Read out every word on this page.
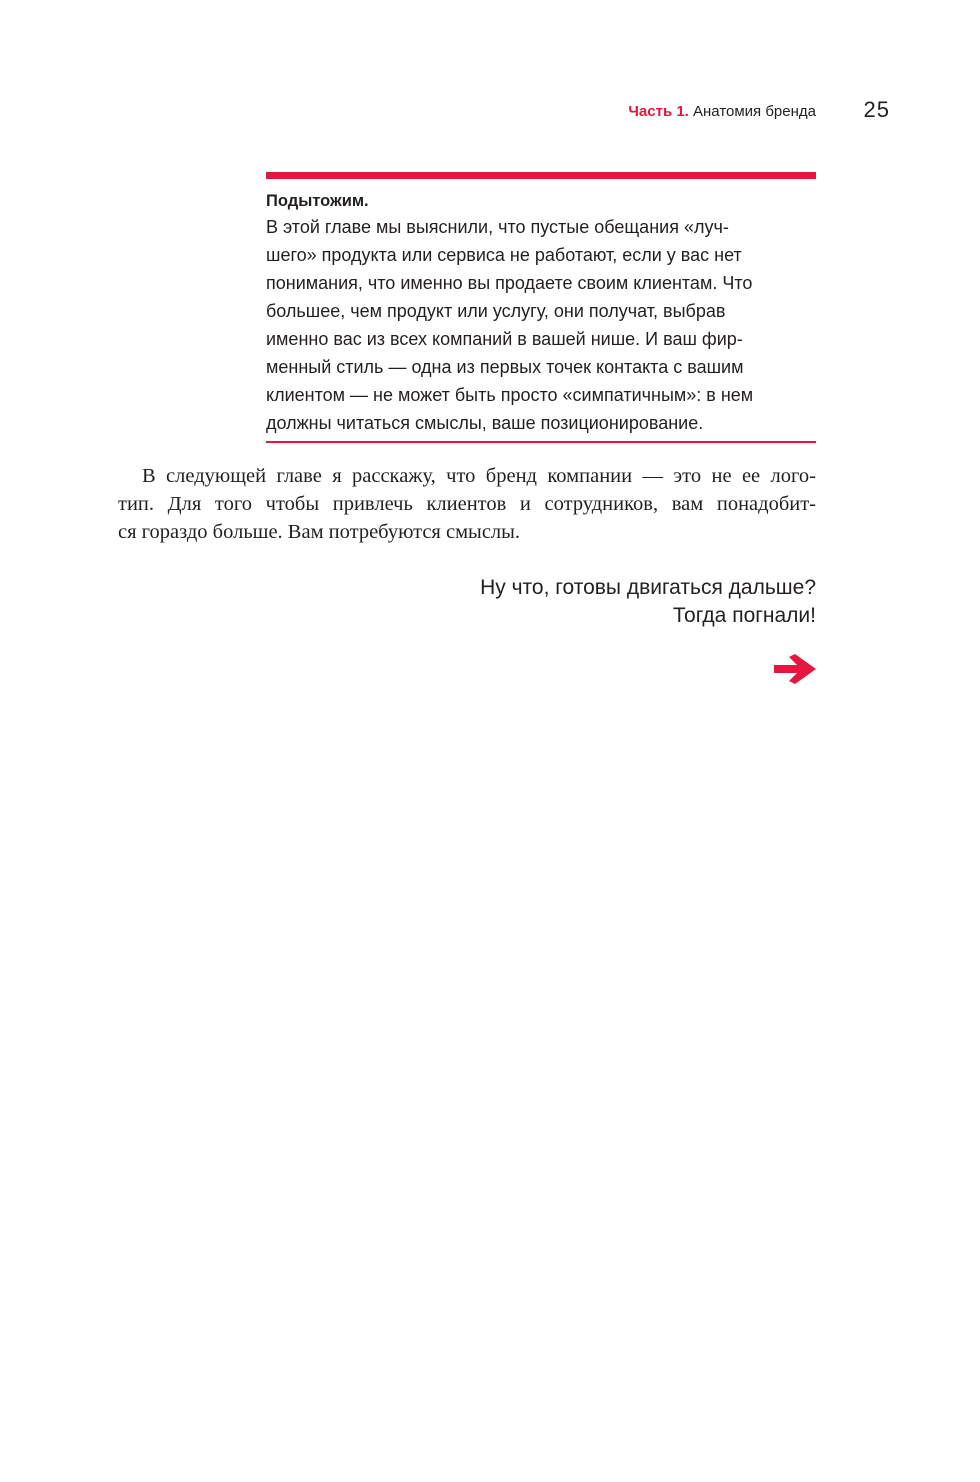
Часть 1. Анатомия бренда	25

Подытожим.

В этой главе мы выяснили, что пустые обещания «луч-

шего» продукта или сервиса не работают, если у вас нет

понимания, что именно вы продаете своим клиентам. Что

большее, чем продукт или услугу, они получат, выбрав

именно вас из всех компаний в вашей нише. И ваш фир-

менный стиль — одна из первых точек контакта с вашим

клиентом — не может быть просто «симпатичным»: в нем

должны читаться смыслы, ваше позиционирование.

В следующей главе я расскажу, что бренд компании — это не ее лого-

тип. Для того чтобы привлечь клиентов и сотрудников, вам понадобит-

ся гораздо больше. Вам потребуются смыслы.

Ну что, готовы двигаться дальше?

Тогда погнали!
